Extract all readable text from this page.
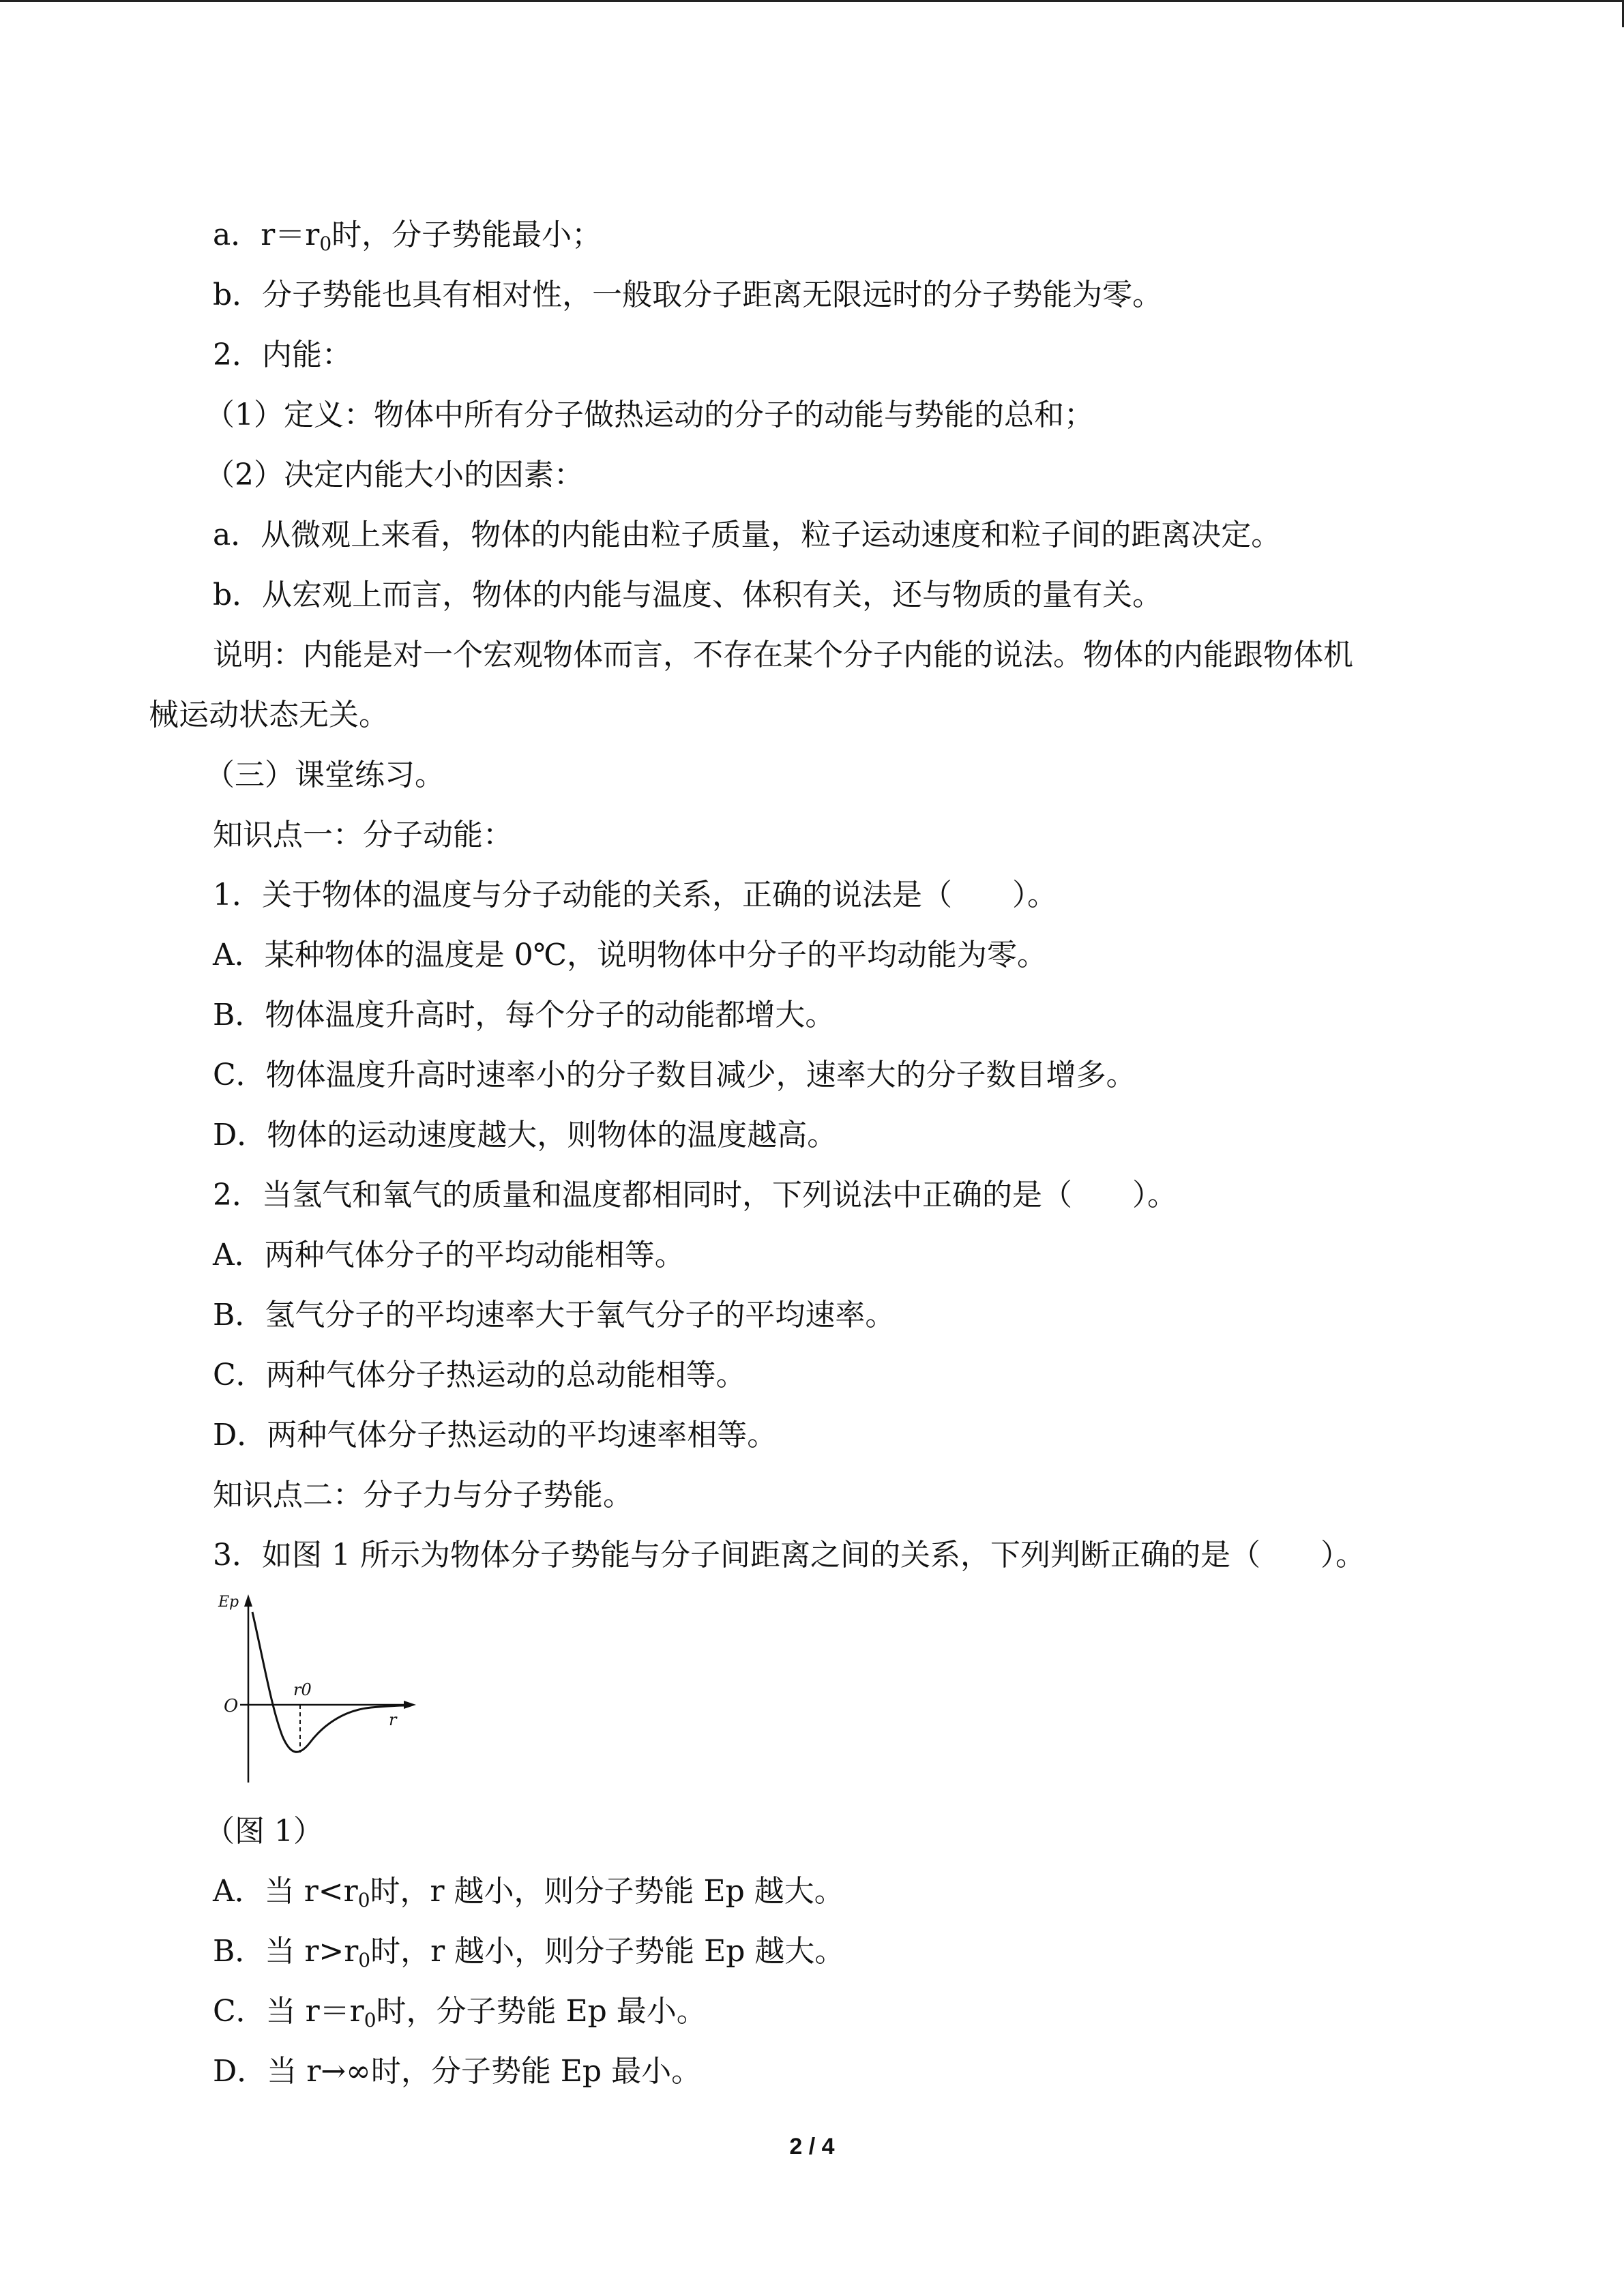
a．$r=r_0$时，分子势能最小；
b．分子势能也具有相对性，一般取分子距离无限远时的分子势能为零。
2．内能：
（1）定义：物体中所有分子做热运动的分子的动能与势能的总和；
（2）决定内能大小的因素：
a．从微观上来看，物体的内能由粒子质量，粒子运动速度和粒子间的距离决定。
b．从宏观上而言，物体的内能与温度、体积有关，还与物质的量有关。
说明：内能是对一个宏观物体而言，不存在某个分子内能的说法。物体的内能跟物体机
械运动状态无关。
（三）课堂练习。
知识点一：分子动能：
1．关于物体的温度与分子动能的关系，正确的说法是（　　）。
A．某种物体的温度是 0℃，说明物体中分子的平均动能为零。
B．物体温度升高时，每个分子的动能都增大。
C．物体温度升高时速率小的分子数目减少，速率大的分子数目增多。
D．物体的运动速度越大，则物体的温度越高。
2．当氢气和氧气的质量和温度都相同时，下列说法中正确的是（　　）。
A．两种气体分子的平均动能相等。
B．氢气分子的平均速率大于氧气分子的平均速率。
C．两种气体分子热运动的总动能相等。
D．两种气体分子热运动的平均速率相等。
知识点二：分子力与分子势能。
3．如图 1 所示为物体分子势能与分子间距离之间的关系，下列判断正确的是（　　）。
Ep
O
r0
r
（图 1）
A．当 $r<r_0$时，r 越小，则分子势能 Ep 越大。
B．当 $r>r_0$时，r 越小，则分子势能 Ep 越大。
C．当 $r=r_0$时，分子势能 Ep 最小。
D．当 r→∞时，分子势能 Ep 最小。
2 / 4
